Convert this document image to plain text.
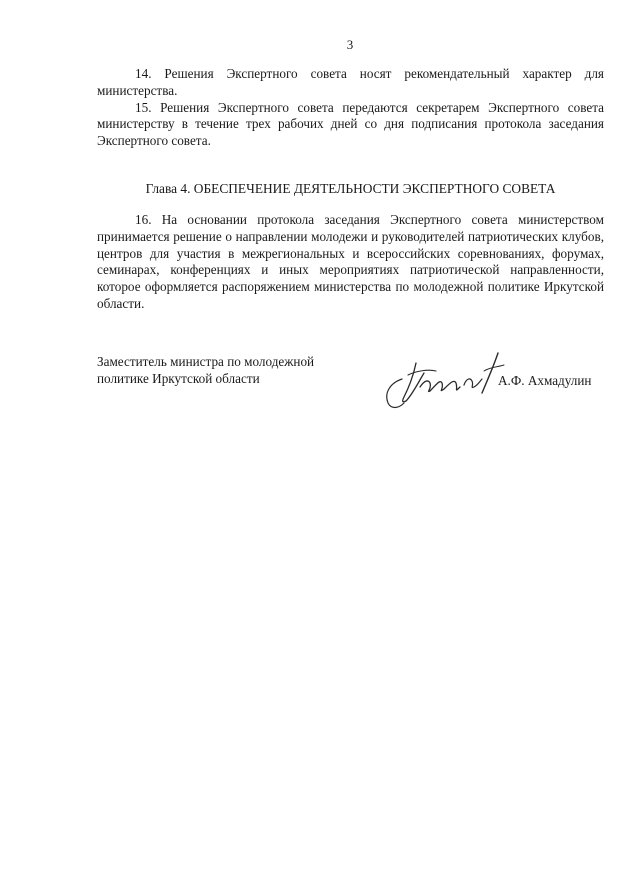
3

14. Решения Экспертного совета носят рекомендательный характер для министерства.

15. Решения Экспертного совета передаются секретарем Экспертного совета министерству в течение трех рабочих дней со дня подписания протокола заседания Экспертного совета.

Глава 4. ОБЕСПЕЧЕНИЕ ДЕЯТЕЛЬНОСТИ ЭКСПЕРТНОГО СОВЕТА

16. На основании протокола заседания Экспертного совета министерством принимается решение о направлении молодежи и руководителей патриотических клубов, центров для участия в межрегиональных и всероссийских соревнованиях, форумах, семинарах, конференциях и иных мероприятиях патриотической направленности, которое оформляется распоряжением министерства по молодежной политике Иркутской области.

Заместитель министра по молодежной
политике Иркутской области	А.Ф. Ахмадулин
